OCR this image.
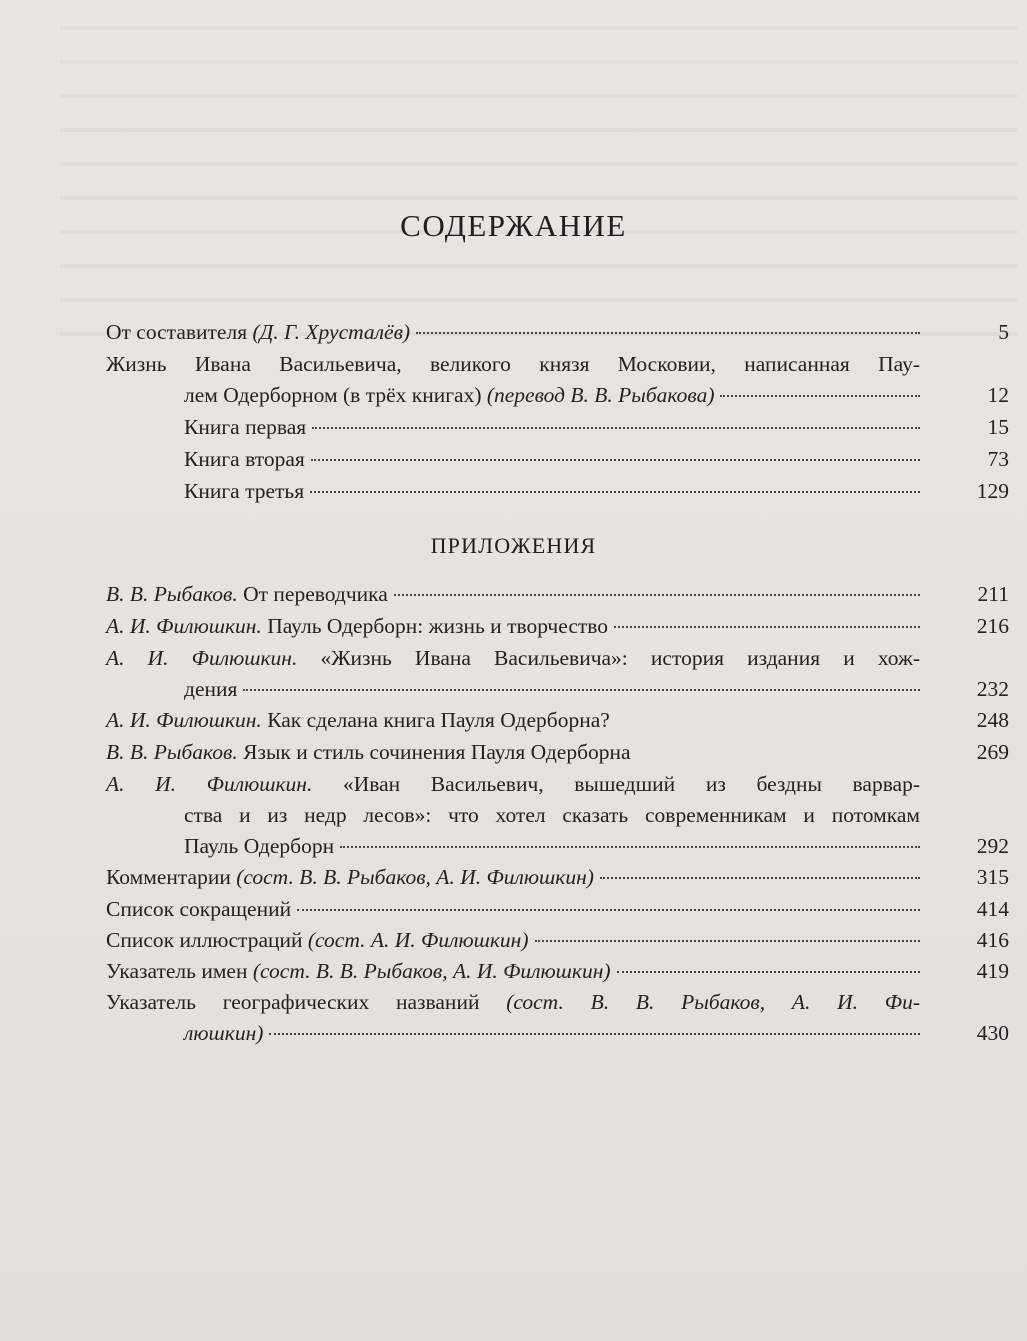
СОДЕРЖАНИЕ
От составителя (Д. Г. Хрусталёв)	5
Жизнь Ивана Васильевича, великого князя Московии, написанная Пау-
лем Одерборном (в трёх книгах) (перевод В. В. Рыбакова)	12
Книга первая	15
Книга вторая	73
Книга третья	129
ПРИЛОЖЕНИЯ
В. В. Рыбаков. От переводчика	211
А. И. Филюшкин. Пауль Одерборн: жизнь и творчество	216
А. И. Филюшкин. «Жизнь Ивана Васильевича»: история издания и хож-
дения	232
А. И. Филюшкин. Как сделана книга Пауля Одерборна?	248
В. В. Рыбаков. Язык и стиль сочинения Пауля Одерборна	269
А. И. Филюшкин. «Иван Васильевич, вышедший из бездны варвар-
ства и из недр лесов»: что хотел сказать современникам и потомкам
Пауль Одерборн	292
Комментарии (сост. В. В. Рыбаков, А. И. Филюшкин)	315
Список сокращений	414
Список иллюстраций (сост. А. И. Филюшкин)	416
Указатель имен (сост. В. В. Рыбаков, А. И. Филюшкин)	419
Указатель географических названий (сост. В. В. Рыбаков, А. И. Фи-
люшкин)	430
